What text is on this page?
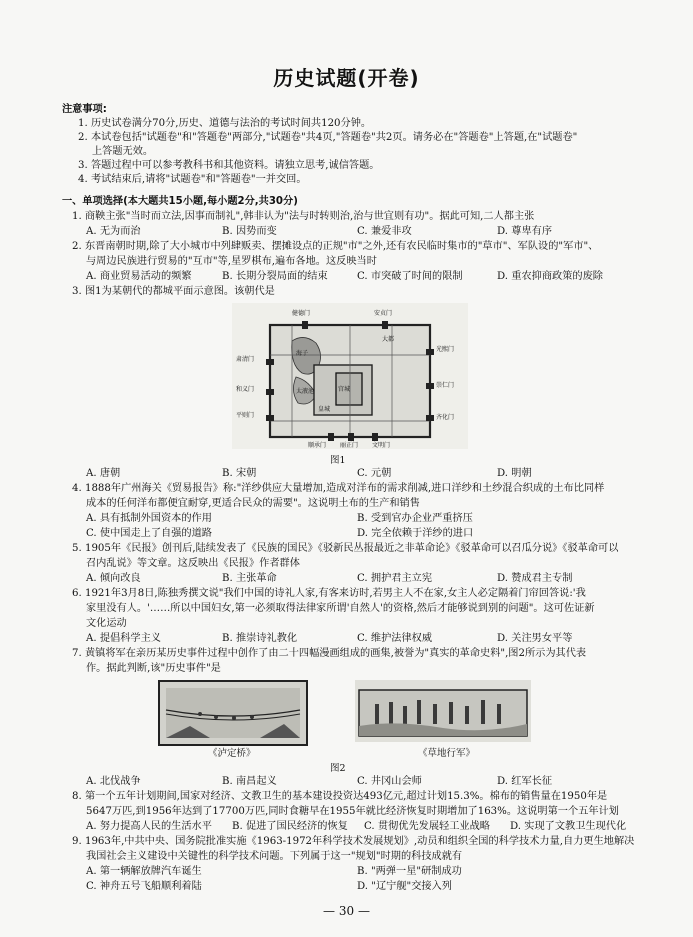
历史试题(开卷)
注意事项:
1. 历史试卷满分70分,历史、道德与法治的考试时间共120分钟。
2. 本试卷包括"试题卷"和"答题卷"两部分,"试题卷"共4页,"答题卷"共2页。请务必在"答题卷"上答题,在"试题卷"
上答题无效。
3. 答题过程中可以参考教科书和其他资料。请独立思考,诚信答题。
4. 考试结束后,请将"试题卷"和"答题卷"一并交回。
一、单项选择(本大题共15小题,每小题2分,共30分)
1. 商鞅主张"当时而立法,因事而制礼",韩非认为"法与时转则治,治与世宜则有功"。据此可知,二人都主张
A. 无为而治	B. 因势而变	C. 兼爱非攻	D. 尊卑有序
2. 东晋南朝时期,除了大小城市中列肆贩卖、摆摊设点的正规"市"之外,还有农民临时集市的"草市"、军队设的"军市"、
与周边民族进行贸易的"互市"等,星罗棋布,遍布各地。这反映当时
A. 商业贸易活动的频繁	B. 长期分裂局面的结束	C. 市突破了时间的限制	D. 重农抑商政策的废除
3. 图1为某朝代的都城平面示意图。该朝代是
健德门	安贞门
光熙门
崇仁门
齐化门
文明门
丽正门
顺承门
平则门
和义门
肃清门
宫城
皇城
海子
太液池
大都
图1
A. 唐朝	B. 宋朝	C. 元朝	D. 明朝
4. 1888年广州海关《贸易报告》称:"洋纱供应大量增加,造成对洋布的需求削减,进口洋纱和土纱混合织成的土布比同样
成本的任何洋布都便宜耐穿,更适合民众的需要"。这说明土布的生产和销售
A. 具有抵制外国资本的作用	B. 受到官办企业严重挤压
C. 使中国走上了自强的道路	D. 完全依赖于洋纱的进口
5. 1905年《民报》创刊后,陆续发表了《民族的国民》《驳新民丛报最近之非革命论》《驳革命可以召瓜分说》《驳革命可以
召内乱说》等文章。这反映出《民报》作者群体
A. 倾向改良	B. 主张革命	C. 拥护君主立宪	D. 赞成君主专制
6. 1921年3月8日,陈独秀撰文说"我们中国的诗礼人家,有客来访时,若男主人不在家,女主人必定隔着门帘回答说:'我
家里没有人。'……所以中国妇女,第一必须取得法律家所谓'自然人'的资格,然后才能够说到别的问题"。这可佐证新
文化运动
A. 提倡科学主义	B. 推崇诗礼教化	C. 维护法律权威	D. 关注男女平等
7. 黄镇将军在亲历某历史事件过程中创作了由二十四幅漫画组成的画集,被誉为"真实的革命史料",图2所示为其代表
作。据此判断,该"历史事件"是
《泸定桥》	《草地行军》
图2
A. 北伐战争	B. 南昌起义	C. 井冈山会师	D. 红军长征
8. 第一个五年计划期间,国家对经济、文教卫生的基本建设投资达493亿元,超过计划15.3%。棉布的销售量在1950年是
5647万匹,到1956年达到了17700万匹,同时食糖早在1955年就比经济恢复时期增加了163%。这说明第一个五年计划
A. 努力提高人民的生活水平 B. 促进了国民经济的恢复 C. 贯彻优先发展轻工业战略 D. 实现了文教卫生现代化
9. 1963年,中共中央、国务院批准实施《1963-1972年科学技术发展规划》,动员和组织全国的科学技术力量,自力更生地解决
我国社会主义建设中关键性的科学技术问题。下列属于这一"规划"时期的科技成就有
A. 第一辆解放牌汽车诞生	B. "两弹一星"研制成功
C. 神舟五号飞船顺利着陆	D. "辽宁舰"交接入列
— 30 —
